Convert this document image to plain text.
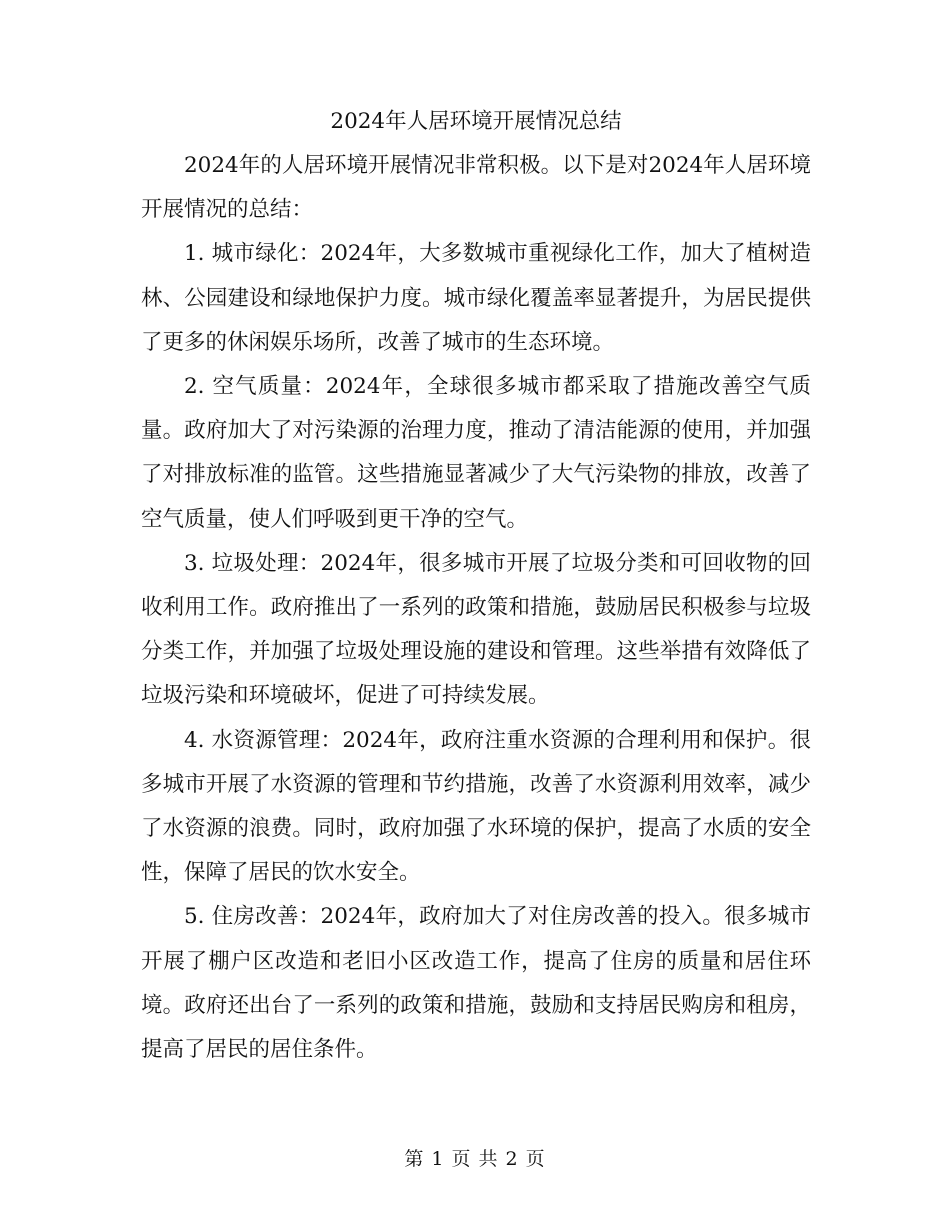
2024年人居环境开展情况总结

2024年的人居环境开展情况非常积极。以下是对2024年人居环境开展情况的总结：

1. 城市绿化：2024年，大多数城市重视绿化工作，加大了植树造林、公园建设和绿地保护力度。城市绿化覆盖率显著提升，为居民提供了更多的休闲娱乐场所，改善了城市的生态环境。

2. 空气质量：2024年，全球很多城市都采取了措施改善空气质量。政府加大了对污染源的治理力度，推动了清洁能源的使用，并加强了对排放标准的监管。这些措施显著减少了大气污染物的排放，改善了空气质量，使人们呼吸到更干净的空气。

3. 垃圾处理：2024年，很多城市开展了垃圾分类和可回收物的回收利用工作。政府推出了一系列的政策和措施，鼓励居民积极参与垃圾分类工作，并加强了垃圾处理设施的建设和管理。这些举措有效降低了垃圾污染和环境破坏，促进了可持续发展。

4. 水资源管理：2024年，政府注重水资源的合理利用和保护。很多城市开展了水资源的管理和节约措施，改善了水资源利用效率，减少了水资源的浪费。同时，政府加强了水环境的保护，提高了水质的安全性，保障了居民的饮水安全。

5. 住房改善：2024年，政府加大了对住房改善的投入。很多城市开展了棚户区改造和老旧小区改造工作，提高了住房的质量和居住环境。政府还出台了一系列的政策和措施，鼓励和支持居民购房和租房，提高了居民的居住条件。

第 1 页 共 2 页
